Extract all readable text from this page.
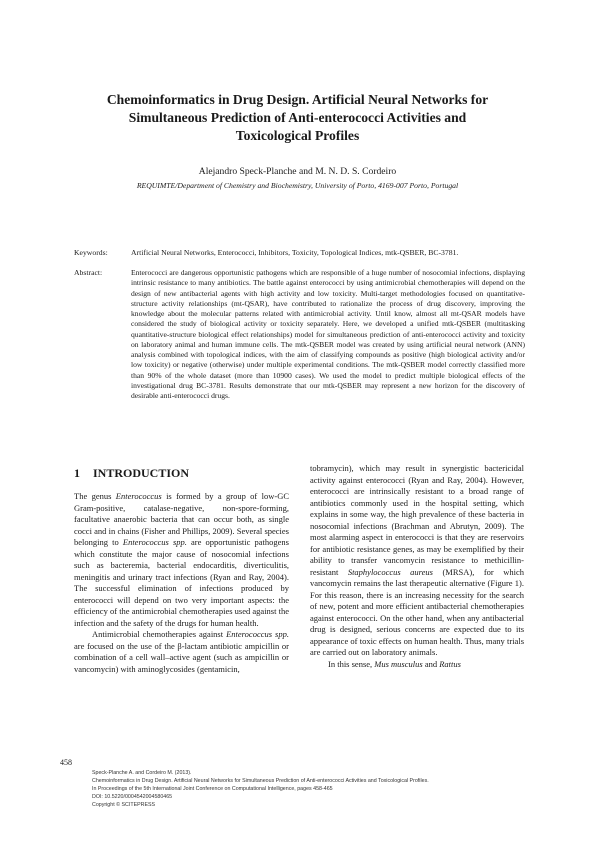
Chemoinformatics in Drug Design. Artificial Neural Networks for
Simultaneous Prediction of Anti-enterococci Activities and
Toxicological Profiles
Alejandro Speck-Planche and M. N. D. S. Cordeiro
REQUIMTE/Department of Chemistry and Biochemistry, University of Porto, 4169-007 Porto, Portugal
Keywords:	Artificial Neural Networks, Enterococci, Inhibitors, Toxicity, Topological Indices, mtk-QSBER, BC-3781.
Abstract:	Enterococci are dangerous opportunistic pathogens which are responsible of a huge number of nosocomial infections, displaying intrinsic resistance to many antibiotics. The battle against enterococci by using antimicrobial chemotherapies will depend on the design of new antibacterial agents with high activity and low toxicity. Multi-target methodologies focused on quantitative-structure activity relationships (mt-QSAR), have contributed to rationalize the process of drug discovery, improving the knowledge about the molecular patterns related with antimicrobial activity. Until know, almost all mt-QSAR models have considered the study of biological activity or toxicity separately. Here, we developed a unified mtk-QSBER (multitasking quantitative-structure biological effect relationships) model for simultaneous prediction of anti-enterococci activity and toxicity on laboratory animal and human immune cells. The mtk-QSBER model was created by using artificial neural network (ANN) analysis combined with topological indices, with the aim of classifying compounds as positive (high biological activity and/or low toxicity) or negative (otherwise) under multiple experimental conditions. The mtk-QSBER model correctly classified more than 90% of the whole dataset (more than 10900 cases). We used the model to predict multiple biological effects of the investigational drug BC-3781. Results demonstrate that our mtk-QSBER may represent a new horizon for the discovery of desirable anti-enterococci drugs.
1 INTRODUCTION

The genus Enterococcus is formed by a group of low-GC Gram-positive, catalase-negative, non-spore-forming, facultative anaerobic bacteria that can occur both, as single cocci and in chains (Fisher and Phillips, 2009). Several species belonging to Enterococcus spp. are opportunistic pathogens which constitute the major cause of nosocomial infections such as bacteremia, bacterial endocarditis, diverticulitis, meningitis and urinary tract infections (Ryan and Ray, 2004). The successful elimination of infections produced by enterococci will depend on two very important aspects: the efficiency of the antimicrobial chemotherapies used against the infection and the safety of the drugs for human health.

Antimicrobial chemotherapies against Enterococcus spp. are focused on the use of the β-lactam antibiotic ampicillin or combination of a cell wall–active agent (such as ampicillin or vancomycin) with aminoglycosides (gentamicin,

tobramycin), which may result in synergistic bactericidal activity against enterococci (Ryan and Ray, 2004). However, enterococci are intrinsically resistant to a broad range of antibiotics commonly used in the hospital setting, which explains in some way, the high prevalence of these bacteria in nosocomial infections (Brachman and Abrutyn, 2009). The most alarming aspect in enterococci is that they are reservoirs for antibiotic resistance genes, as may be exemplified by their ability to transfer vancomycin resistance to methicillin-resistant Staphylococcus aureus (MRSA), for which vancomycin remains the last therapeutic alternative (Figure 1). For this reason, there is an increasing necessity for the search of new, potent and more efficient antibacterial chemotherapies against enterococci. On the other hand, when any antibacterial drug is designed, serious concerns are expected due to its appearance of toxic effects on human health. Thus, many trials are carried out on laboratory animals.

In this sense, Mus musculus and Rattus

458
Speck-Planche A. and Cordeiro M. (2013).
Chemoinformatics in Drug Design. Artificial Neural Networks for Simultaneous Prediction of Anti-enterococci Activities and Toxicological Profiles.
In Proceedings of the 5th International Joint Conference on Computational Intelligence, pages 458-465
DOI: 10.5220/0004542004580465
Copyright © SCITEPRESS
